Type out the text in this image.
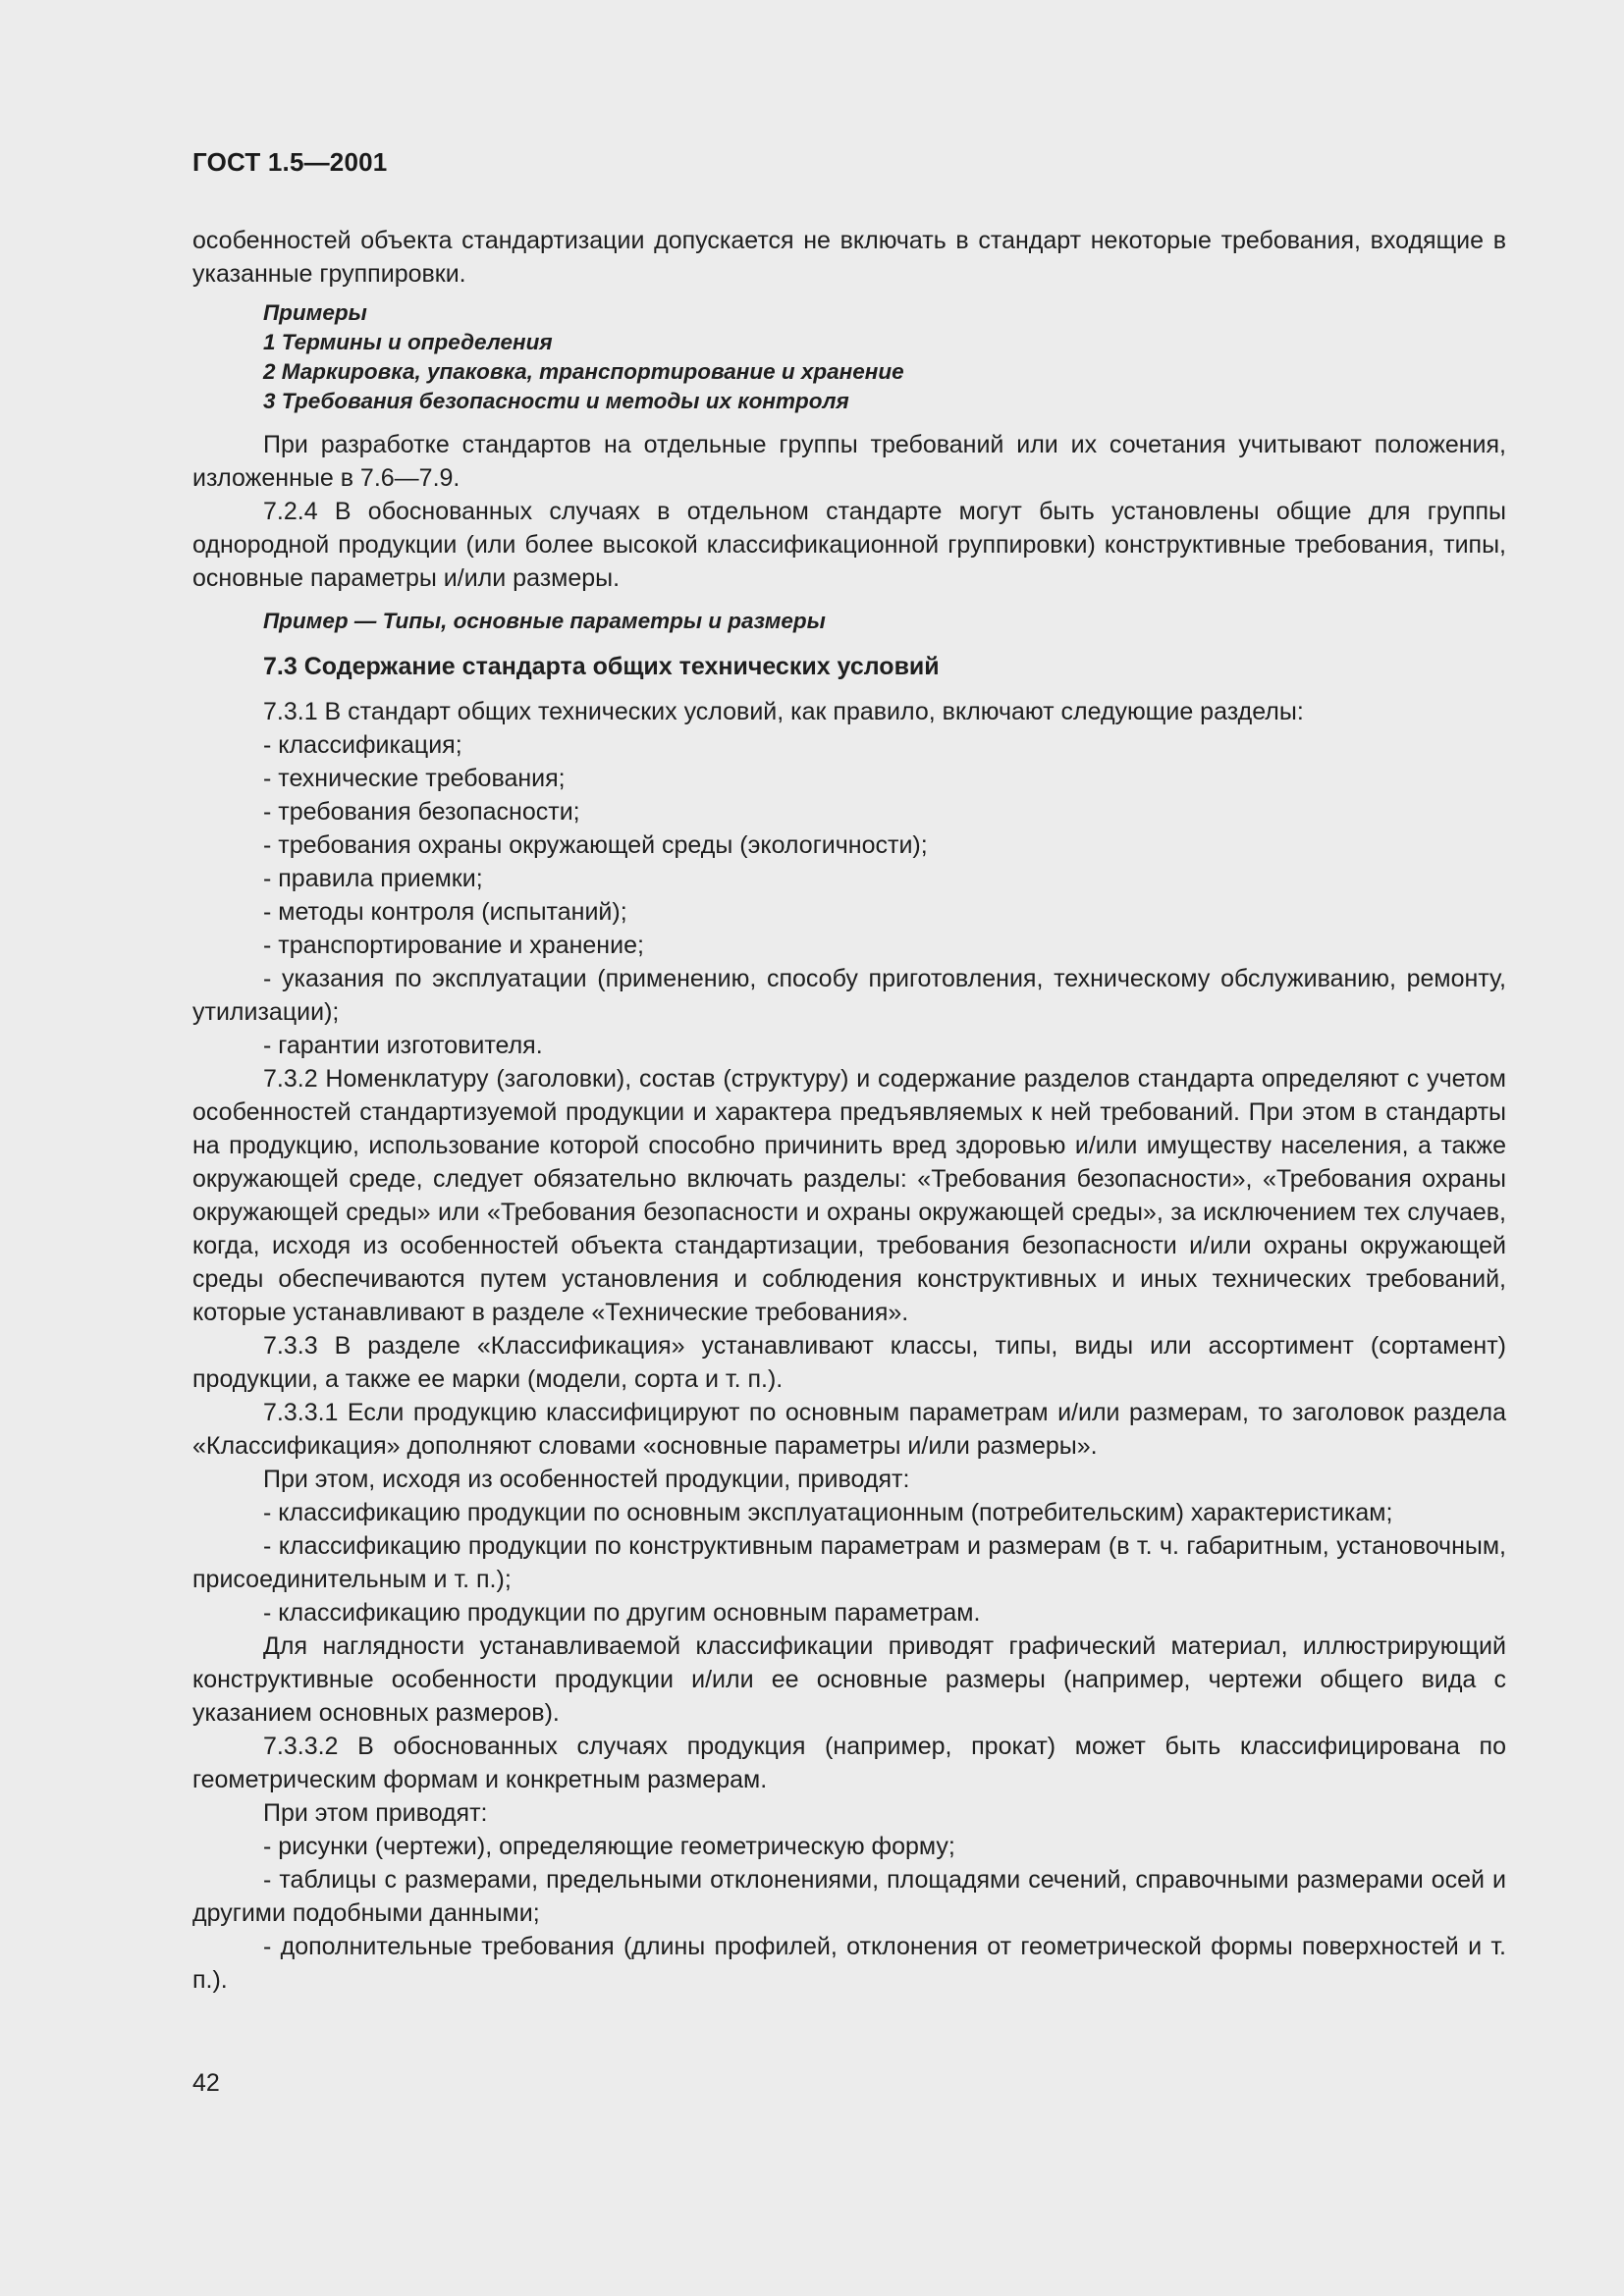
ГОСТ 1.5—2001

особенностей объекта стандартизации допускается не включать в стандарт некоторые требования, входящие в указанные группировки.

Примеры

1 Термины и определения

2 Маркировка, упаковка, транспортирование и хранение

3 Требования безопасности и методы их контроля

При разработке стандартов на отдельные группы требований или их сочетания учитывают положения, изложенные в 7.6—7.9.

7.2.4 В обоснованных случаях в отдельном стандарте могут быть установлены общие для группы однородной продукции (или более высокой классификационной группировки) конструктивные требования, типы, основные параметры и/или размеры.

Пример — Типы, основные параметры и размеры

7.3 Содержание стандарта общих технических условий

7.3.1 В стандарт общих технических условий, как правило, включают следующие разделы:

- классификация;

- технические требования;

- требования безопасности;

- требования охраны окружающей среды (экологичности);

- правила приемки;

- методы контроля (испытаний);

- транспортирование и хранение;

- указания по эксплуатации (применению, способу приготовления, техническому обслуживанию, ремонту, утилизации);

- гарантии изготовителя.

7.3.2 Номенклатуру (заголовки), состав (структуру) и содержание разделов стандарта определяют с учетом особенностей стандартизуемой продукции и характера предъявляемых к ней требований. При этом в стандарты на продукцию, использование которой способно причинить вред здоровью и/или имуществу населения, а также окружающей среде, следует обязательно включать разделы: «Требования безопасности», «Требования охраны окружающей среды» или «Требования безопасности и охраны окружающей среды», за исключением тех случаев, когда, исходя из особенностей объекта стандартизации, требования безопасности и/или охраны окружающей среды обеспечиваются путем установления и соблюдения конструктивных и иных технических требований, которые устанавливают в разделе «Технические требования».

7.3.3 В разделе «Классификация» устанавливают классы, типы, виды или ассортимент (сортамент) продукции, а также ее марки (модели, сорта и т. п.).

7.3.3.1 Если продукцию классифицируют по основным параметрам и/или размерам, то заголовок раздела «Классификация» дополняют словами «основные параметры и/или размеры».

При этом, исходя из особенностей продукции, приводят:

- классификацию продукции по основным эксплуатационным (потребительским) характеристикам;

- классификацию продукции по конструктивным параметрам и размерам (в т. ч. габаритным, установочным, присоединительным и т. п.);

- классификацию продукции по другим основным параметрам.

Для наглядности устанавливаемой классификации приводят графический материал, иллюстрирующий конструктивные особенности продукции и/или ее основные размеры (например, чертежи общего вида с указанием основных размеров).

7.3.3.2 В обоснованных случаях продукция (например, прокат) может быть классифицирована по геометрическим формам и конкретным размерам.

При этом приводят:

- рисунки (чертежи), определяющие геометрическую форму;

- таблицы с размерами, предельными отклонениями, площадями сечений, справочными размерами осей и другими подобными данными;

- дополнительные требования (длины профилей, отклонения от геометрической формы поверхностей и т. п.).

42
